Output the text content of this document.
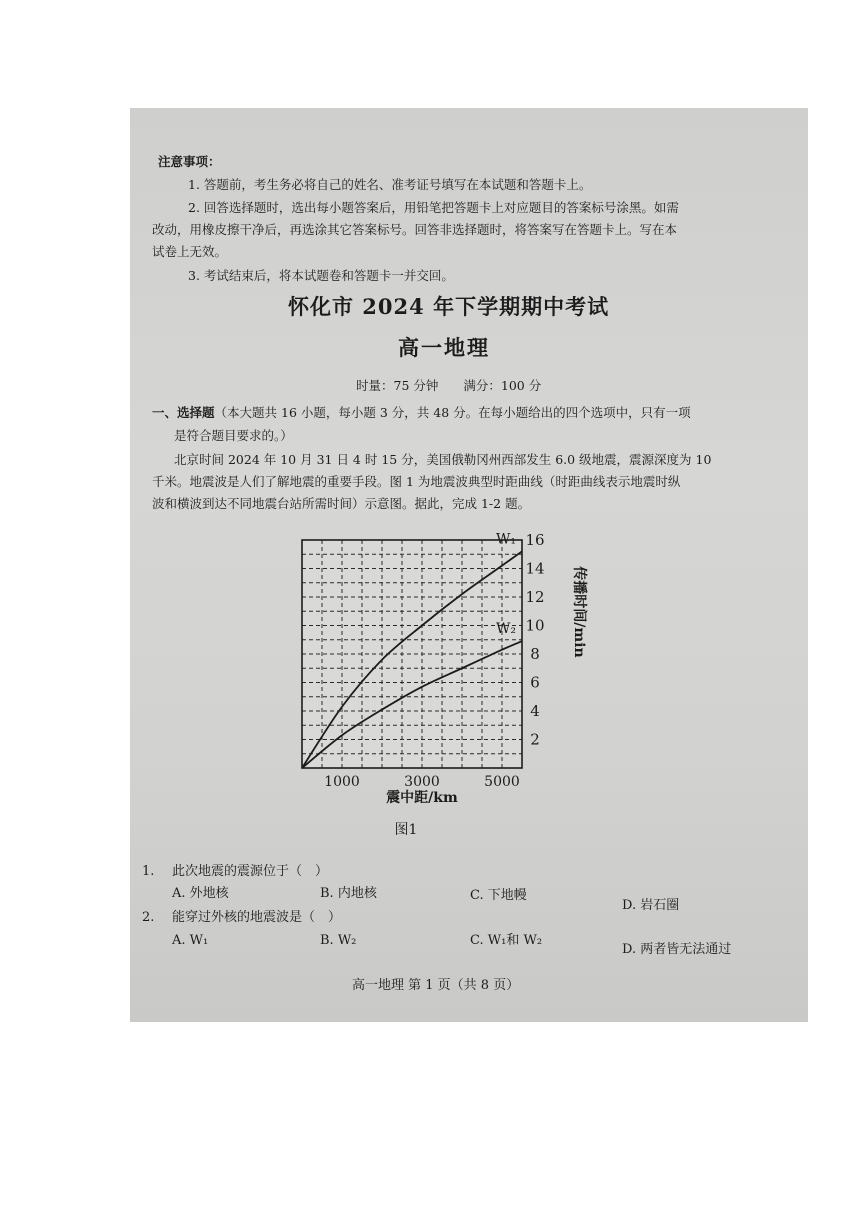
注意事项：
1. 答题前，考生务必将自己的姓名、准考证号填写在本试题和答题卡上。
2. 回答选择题时，选出每小题答案后，用铅笔把答题卡上对应题目的答案标号涂黑。如需
改动，用橡皮擦干净后，再选涂其它答案标号。回答非选择题时，将答案写在答题卡上。写在本
试卷上无效。
3. 考试结束后，将本试题卷和答题卡一并交回。
怀化市 2024 年下学期期中考试
高一地理
时量：75 分钟　　满分：100 分
一、选择题（本大题共 16 小题，每小题 3 分，共 48 分。在每小题给出的四个选项中，只有一项
是符合题目要求的。）
北京时间 2024 年 10 月 31 日 4 时 15 分，美国俄勒冈州西部发生 6.0 级地震，震源深度为 10
千米。地震波是人们了解地震的重要手段。图 1 为地震波典型时距曲线（时距曲线表示地震时纵
波和横波到达不同地震台站所需时间）示意图。据此，完成 1-2 题。
W₁
W₂
2
4
6
8
10
12
14
16
1000	3000	5000
震中距/km
传播时间/min
图1
1. 此次地震的震源位于（　）
A. 外地核	B. 内地核	C. 下地幔
D. 岩石圈
2. 能穿过外核的地震波是（　）
A. W₁	B. W₂	C. W₁和 W₂
D. 两者皆无法通过
高一地理 第 1 页（共 8 页）
